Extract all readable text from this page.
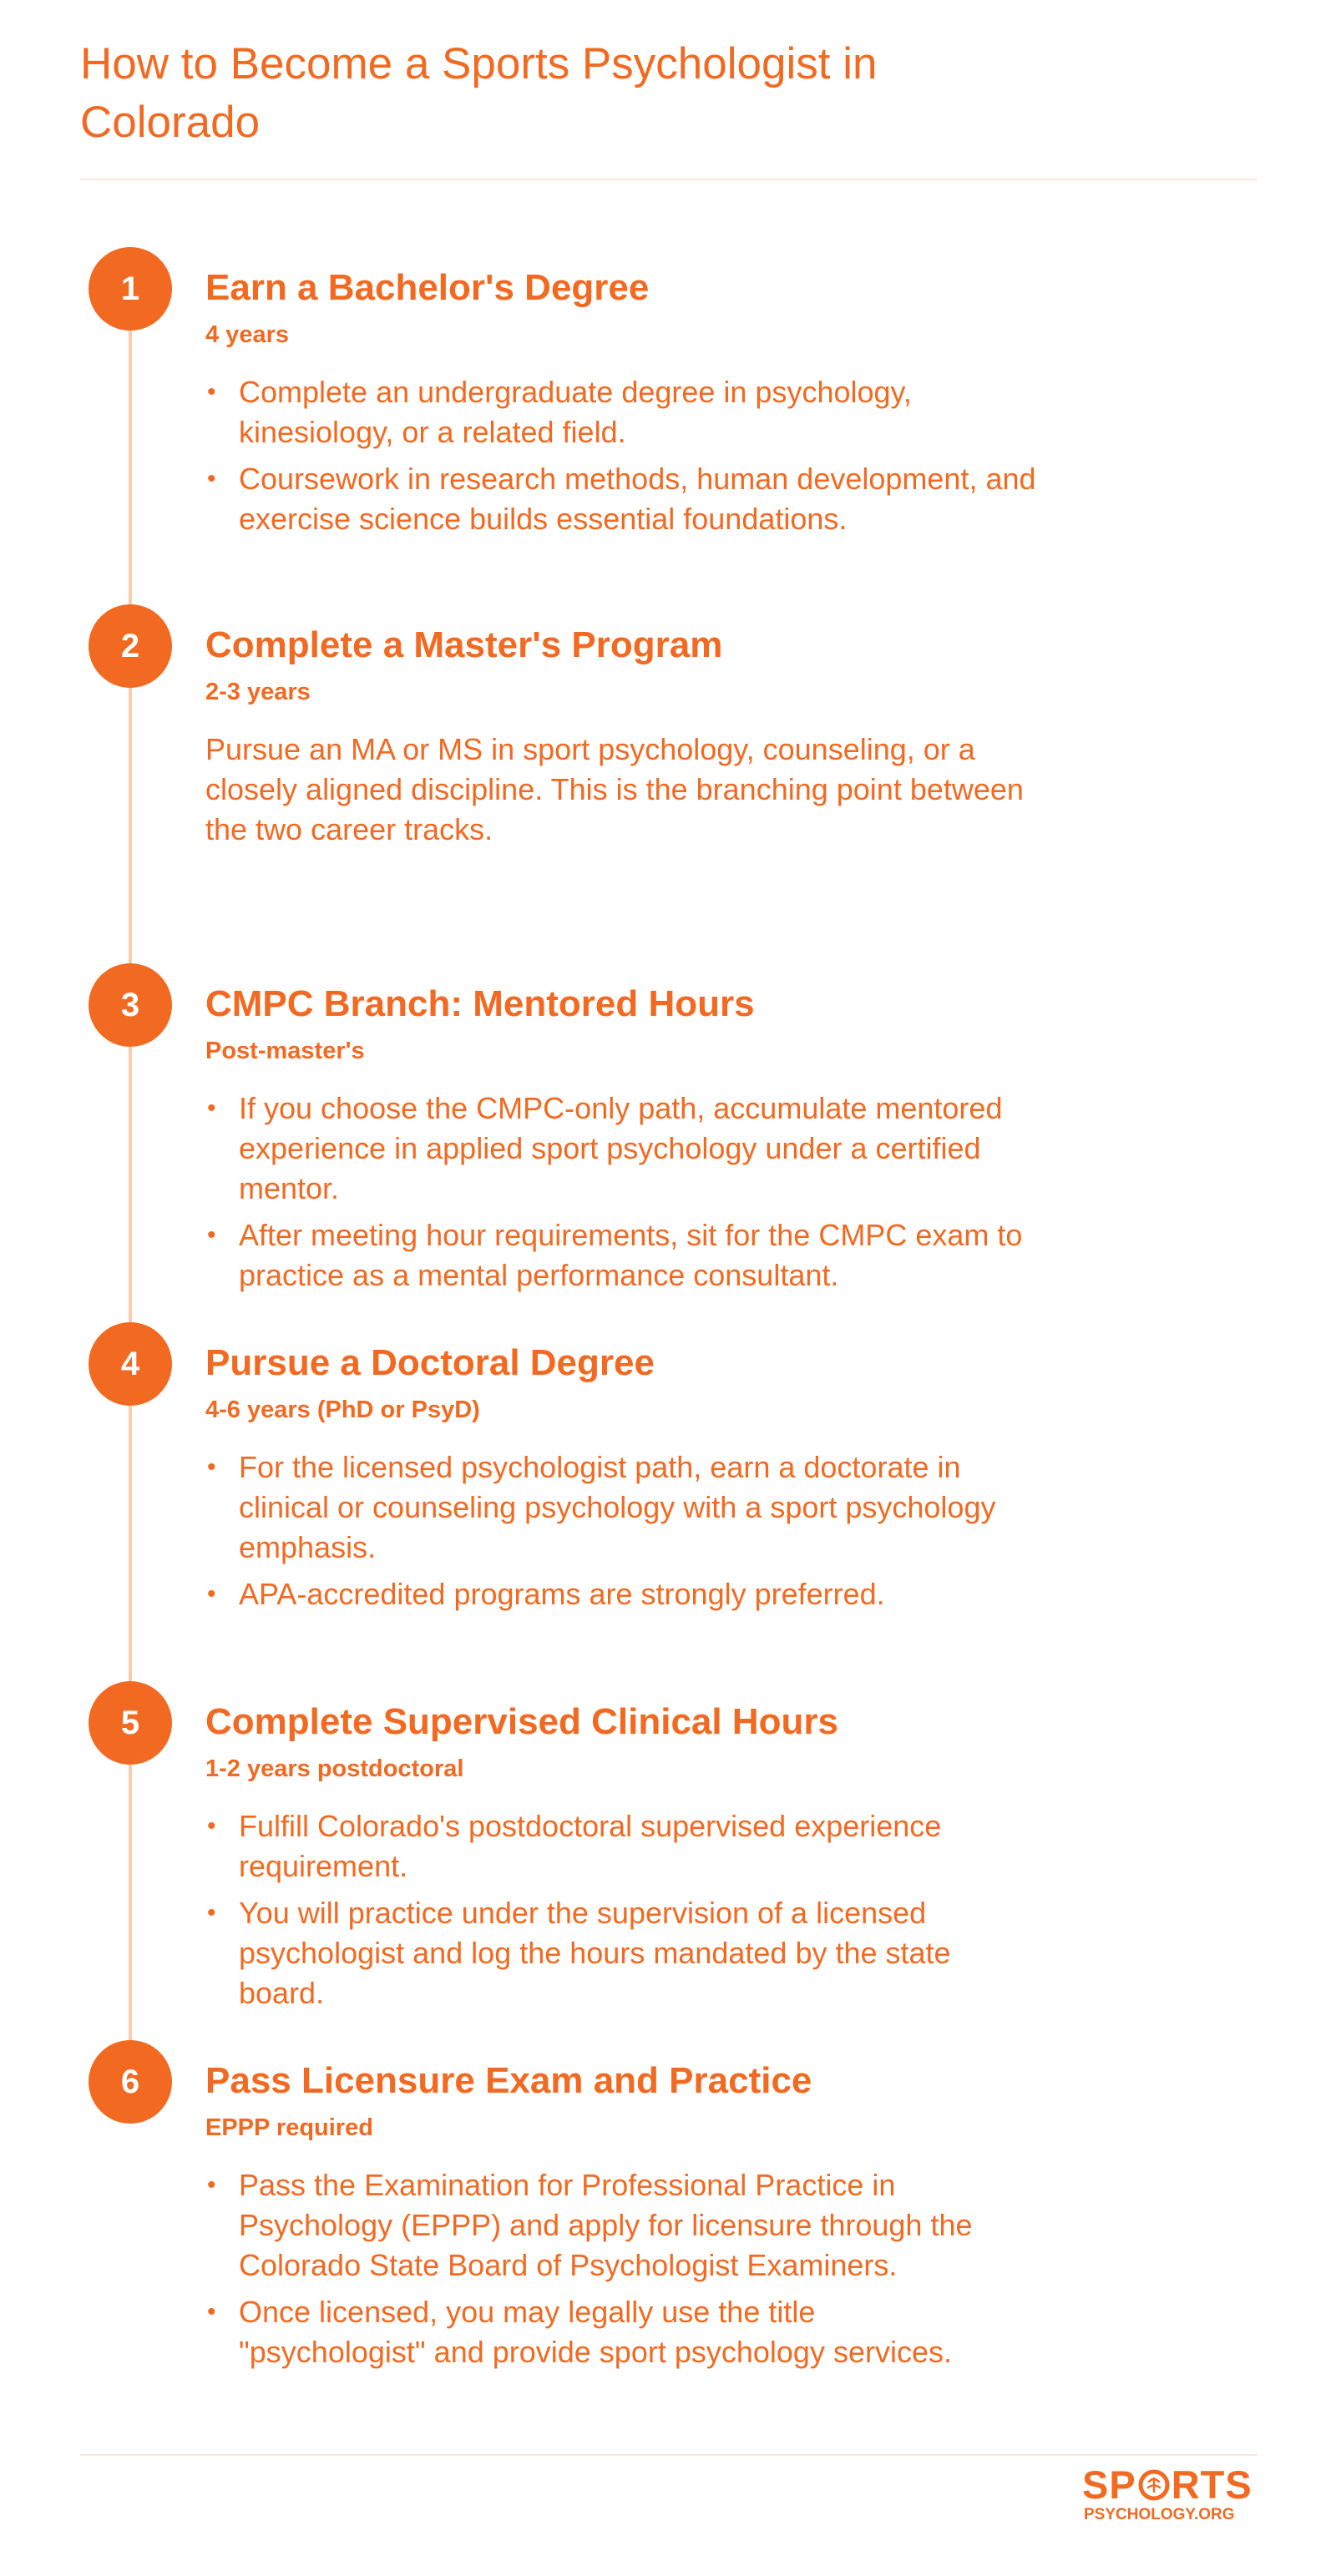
How to Become a Sports Psychologist in Colorado
1	Earn a Bachelor's Degree
4 years
• Complete an undergraduate degree in psychology, kinesiology, or a related field.
• Coursework in research methods, human development, and exercise science builds essential foundations.
2	Complete a Master's Program
2-3 years

Pursue an MA or MS in sport psychology, counseling, or a closely aligned discipline. This is the branching point between the two career tracks.

3	CMPC Branch: Mentored Hours
Post-master's
• If you choose the CMPC-only path, accumulate mentored experience in applied sport psychology under a certified mentor.
• After meeting hour requirements, sit for the CMPC exam to practice as a mental performance consultant.
4	Pursue a Doctoral Degree
4-6 years (PhD or PsyD)
• For the licensed psychologist path, earn a doctorate in clinical or counseling psychology with a sport psychology emphasis.
• APA-accredited programs are strongly preferred.
5	Complete Supervised Clinical Hours
1-2 years postdoctoral
• Fulfill Colorado's postdoctoral supervised experience requirement.
• You will practice under the supervision of a licensed psychologist and log the hours mandated by the state board.
6	Pass Licensure Exam and Practice
EPPP required
• Pass the Examination for Professional Practice in Psychology (EPPP) and apply for licensure through the Colorado State Board of Psychologist Examiners.
• Once licensed, you may legally use the title "psychologist" and provide sport psychology services.
SP RTS
PSYCHOLOGY.ORG
